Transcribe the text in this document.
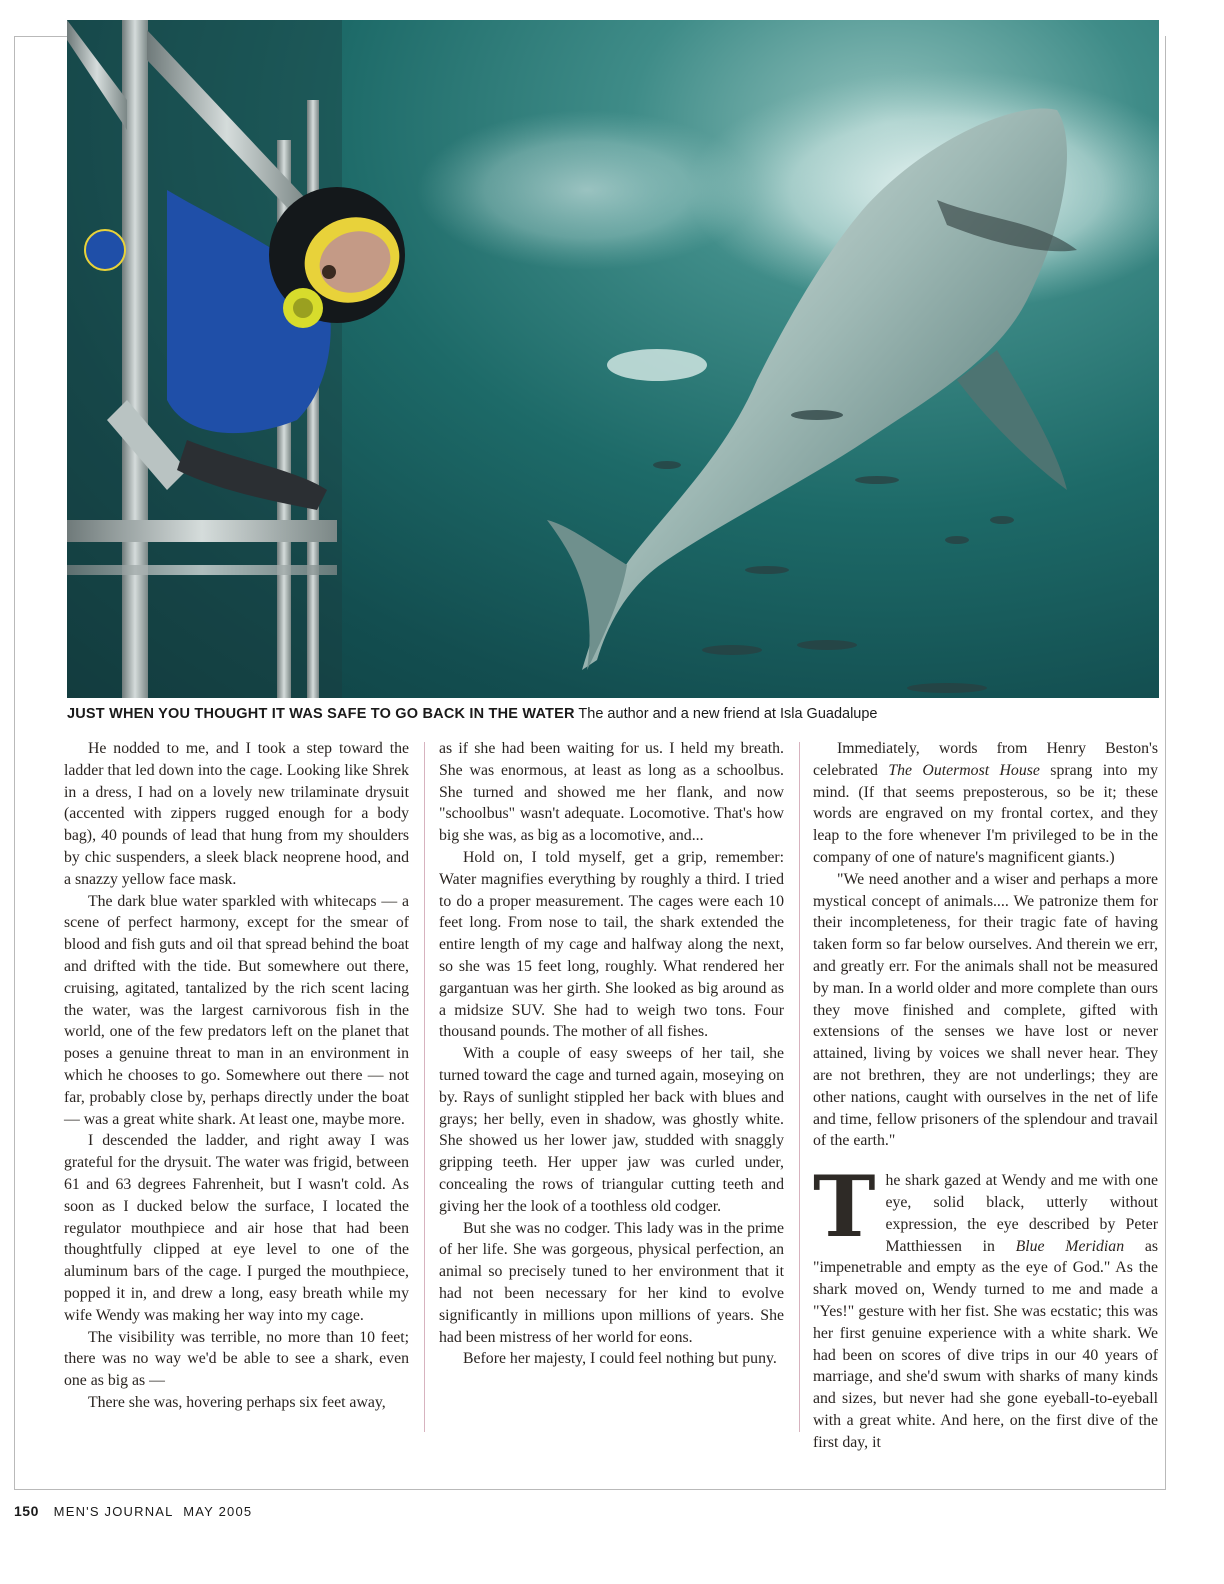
JUST WHEN YOU THOUGHT IT WAS SAFE TO GO BACK IN THE WATER The author and a new friend at Isla Guadalupe

He nodded to me, and I took a step toward the ladder that led down into the cage. Looking like Shrek in a dress, I had on a lovely new trilaminate drysuit (accented with zippers rugged enough for a body bag), 40 pounds of lead that hung from my shoulders by chic suspenders, a sleek black neoprene hood, and a snazzy yellow face mask.

The dark blue water sparkled with whitecaps — a scene of perfect harmony, except for the smear of blood and fish guts and oil that spread behind the boat and drifted with the tide. But somewhere out there, cruising, agitated, tantalized by the rich scent lacing the water, was the largest carnivorous fish in the world, one of the few predators left on the planet that poses a genuine threat to man in an environment in which he chooses to go. Somewhere out there — not far, probably close by, perhaps directly under the boat — was a great white shark. At least one, maybe more.

I descended the ladder, and right away I was grateful for the drysuit. The water was frigid, between 61 and 63 degrees Fahrenheit, but I wasn't cold. As soon as I ducked below the surface, I located the regulator mouthpiece and air hose that had been thoughtfully clipped at eye level to one of the aluminum bars of the cage. I purged the mouthpiece, popped it in, and drew a long, easy breath while my wife Wendy was making her way into my cage.

The visibility was terrible, no more than 10 feet; there was no way we'd be able to see a shark, even one as big as —

There she was, hovering perhaps six feet away,

as if she had been waiting for us. I held my breath. She was enormous, at least as long as a schoolbus. She turned and showed me her flank, and now "schoolbus" wasn't adequate. Locomotive. That's how big she was, as big as a locomotive, and...

Hold on, I told myself, get a grip, remember: Water magnifies everything by roughly a third. I tried to do a proper measurement. The cages were each 10 feet long. From nose to tail, the shark extended the entire length of my cage and halfway along the next, so she was 15 feet long, roughly. What rendered her gargantuan was her girth. She looked as big around as a midsize SUV. She had to weigh two tons. Four thousand pounds. The mother of all fishes.

With a couple of easy sweeps of her tail, she turned toward the cage and turned again, moseying on by. Rays of sunlight stippled her back with blues and grays; her belly, even in shadow, was ghostly white. She showed us her lower jaw, studded with snaggly gripping teeth. Her upper jaw was curled under, concealing the rows of triangular cutting teeth and giving her the look of a toothless old codger.

But she was no codger. This lady was in the prime of her life. She was gorgeous, physical perfection, an animal so precisely tuned to her environment that it had not been necessary for her kind to evolve significantly in millions upon millions of years. She had been mistress of her world for eons.

Before her majesty, I could feel nothing but puny.

Immediately, words from Henry Beston's celebrated The Outermost House sprang into my mind. (If that seems preposterous, so be it; these words are engraved on my frontal cortex, and they leap to the fore whenever I'm privileged to be in the company of one of nature's magnificent giants.)

"We need another and a wiser and perhaps a more mystical concept of animals.... We patronize them for their incompleteness, for their tragic fate of having taken form so far below ourselves. And therein we err, and greatly err. For the animals shall not be measured by man. In a world older and more complete than ours they move finished and complete, gifted with extensions of the senses we have lost or never attained, living by voices we shall never hear. They are not brethren, they are not underlings; they are other nations, caught with ourselves in the net of life and time, fellow prisoners of the splendour and travail of the earth."

T he shark gazed at Wendy and me with one eye, solid black, utterly without expression, the eye described by Peter Matthiessen in Blue Meridian as "impenetrable and empty as the eye of God." As the shark moved on, Wendy turned to me and made a "Yes!" gesture with her fist. She was ecstatic; this was her first genuine experience with a white shark. We had been on scores of dive trips in our 40 years of marriage, and she'd swum with sharks of many kinds and sizes, but never had she gone eyeball-to-eyeball with a great white. And here, on the first dive of the first day, it

150 MEN'S JOURNAL MAY 2005
